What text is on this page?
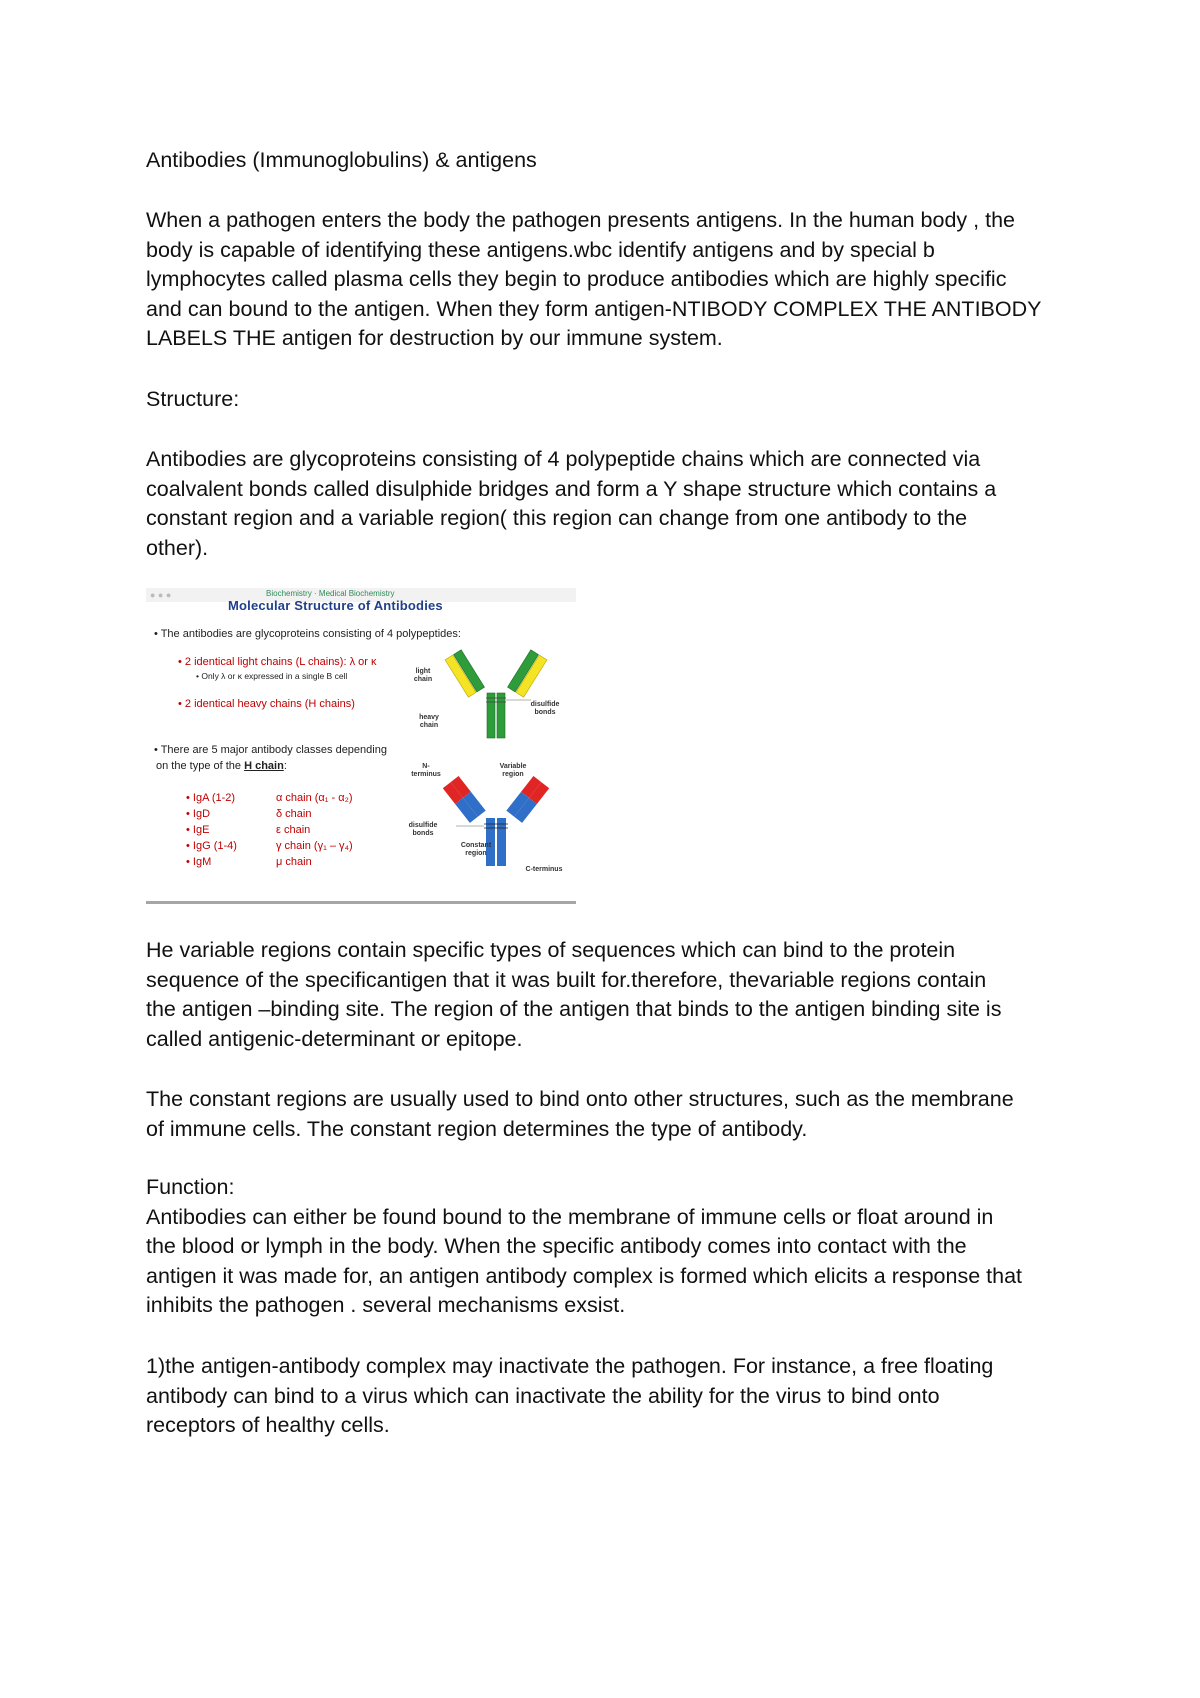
Antibodies (Immunoglobulins) & antigens

When a pathogen enters the body the pathogen presents antigens. In the human body , the

body is capable of identifying these antigens.wbc identify antigens and by special b

lymphocytes called plasma cells they begin to produce antibodies which are highly specific

and can bound to the antigen. When they form antigen-NTIBODY COMPLEX THE ANTIBODY

LABELS THE antigen for destruction by our immune system.

Structure:

Antibodies are glycoproteins consisting of 4 polypeptide chains which are connected via

coalvalent bonds called disulphide bridges and form a Y shape structure which contains a

constant region and a variable region( this region can change from one antibody to the

other).

● ● ●	Biochemistry · Medical Biochemistry
Molecular Structure of Antibodies
• The antibodies are glycoproteins consisting of 4 polypeptides:
• 2 identical light chains (L chains): λ or κ
• Only λ or κ expressed in a single B cell
• 2 identical heavy chains (H chains)
• There are 5 major antibody classes depending
on the type of the H chain:
• IgA (1-2)
• IgD
• IgE
• IgG (1-4)
• IgM
α chain (α₁ - α₂)
δ chain
ε chain
γ chain (γ₁ – γ₄)
μ chain
light chain
heavy chain
disulfide bonds
N-terminus
Variable region
disulfide bonds
Constant region
C-terminus

He variable regions contain specific types of sequences which can bind to the protein

sequence of the specificantigen that it was built for.therefore, thevariable regions contain

the antigen –binding site. The region of the antigen that binds to the antigen binding site is

called antigenic-determinant or epitope.

The constant regions are usually used to bind onto other structures, such as the membrane

of immune cells. The constant region determines the type of antibody.

Function:

Antibodies can either be found bound to the membrane of immune cells or float around in

the blood or lymph in the body. When the specific antibody comes into contact with the

antigen it was made for, an antigen antibody complex is formed which elicits a response that

inhibits the pathogen . several mechanisms exsist.

1)the antigen-antibody complex may inactivate the pathogen. For instance, a free floating

antibody can bind to a virus which can inactivate the ability for the virus to bind onto

receptors of healthy cells.
